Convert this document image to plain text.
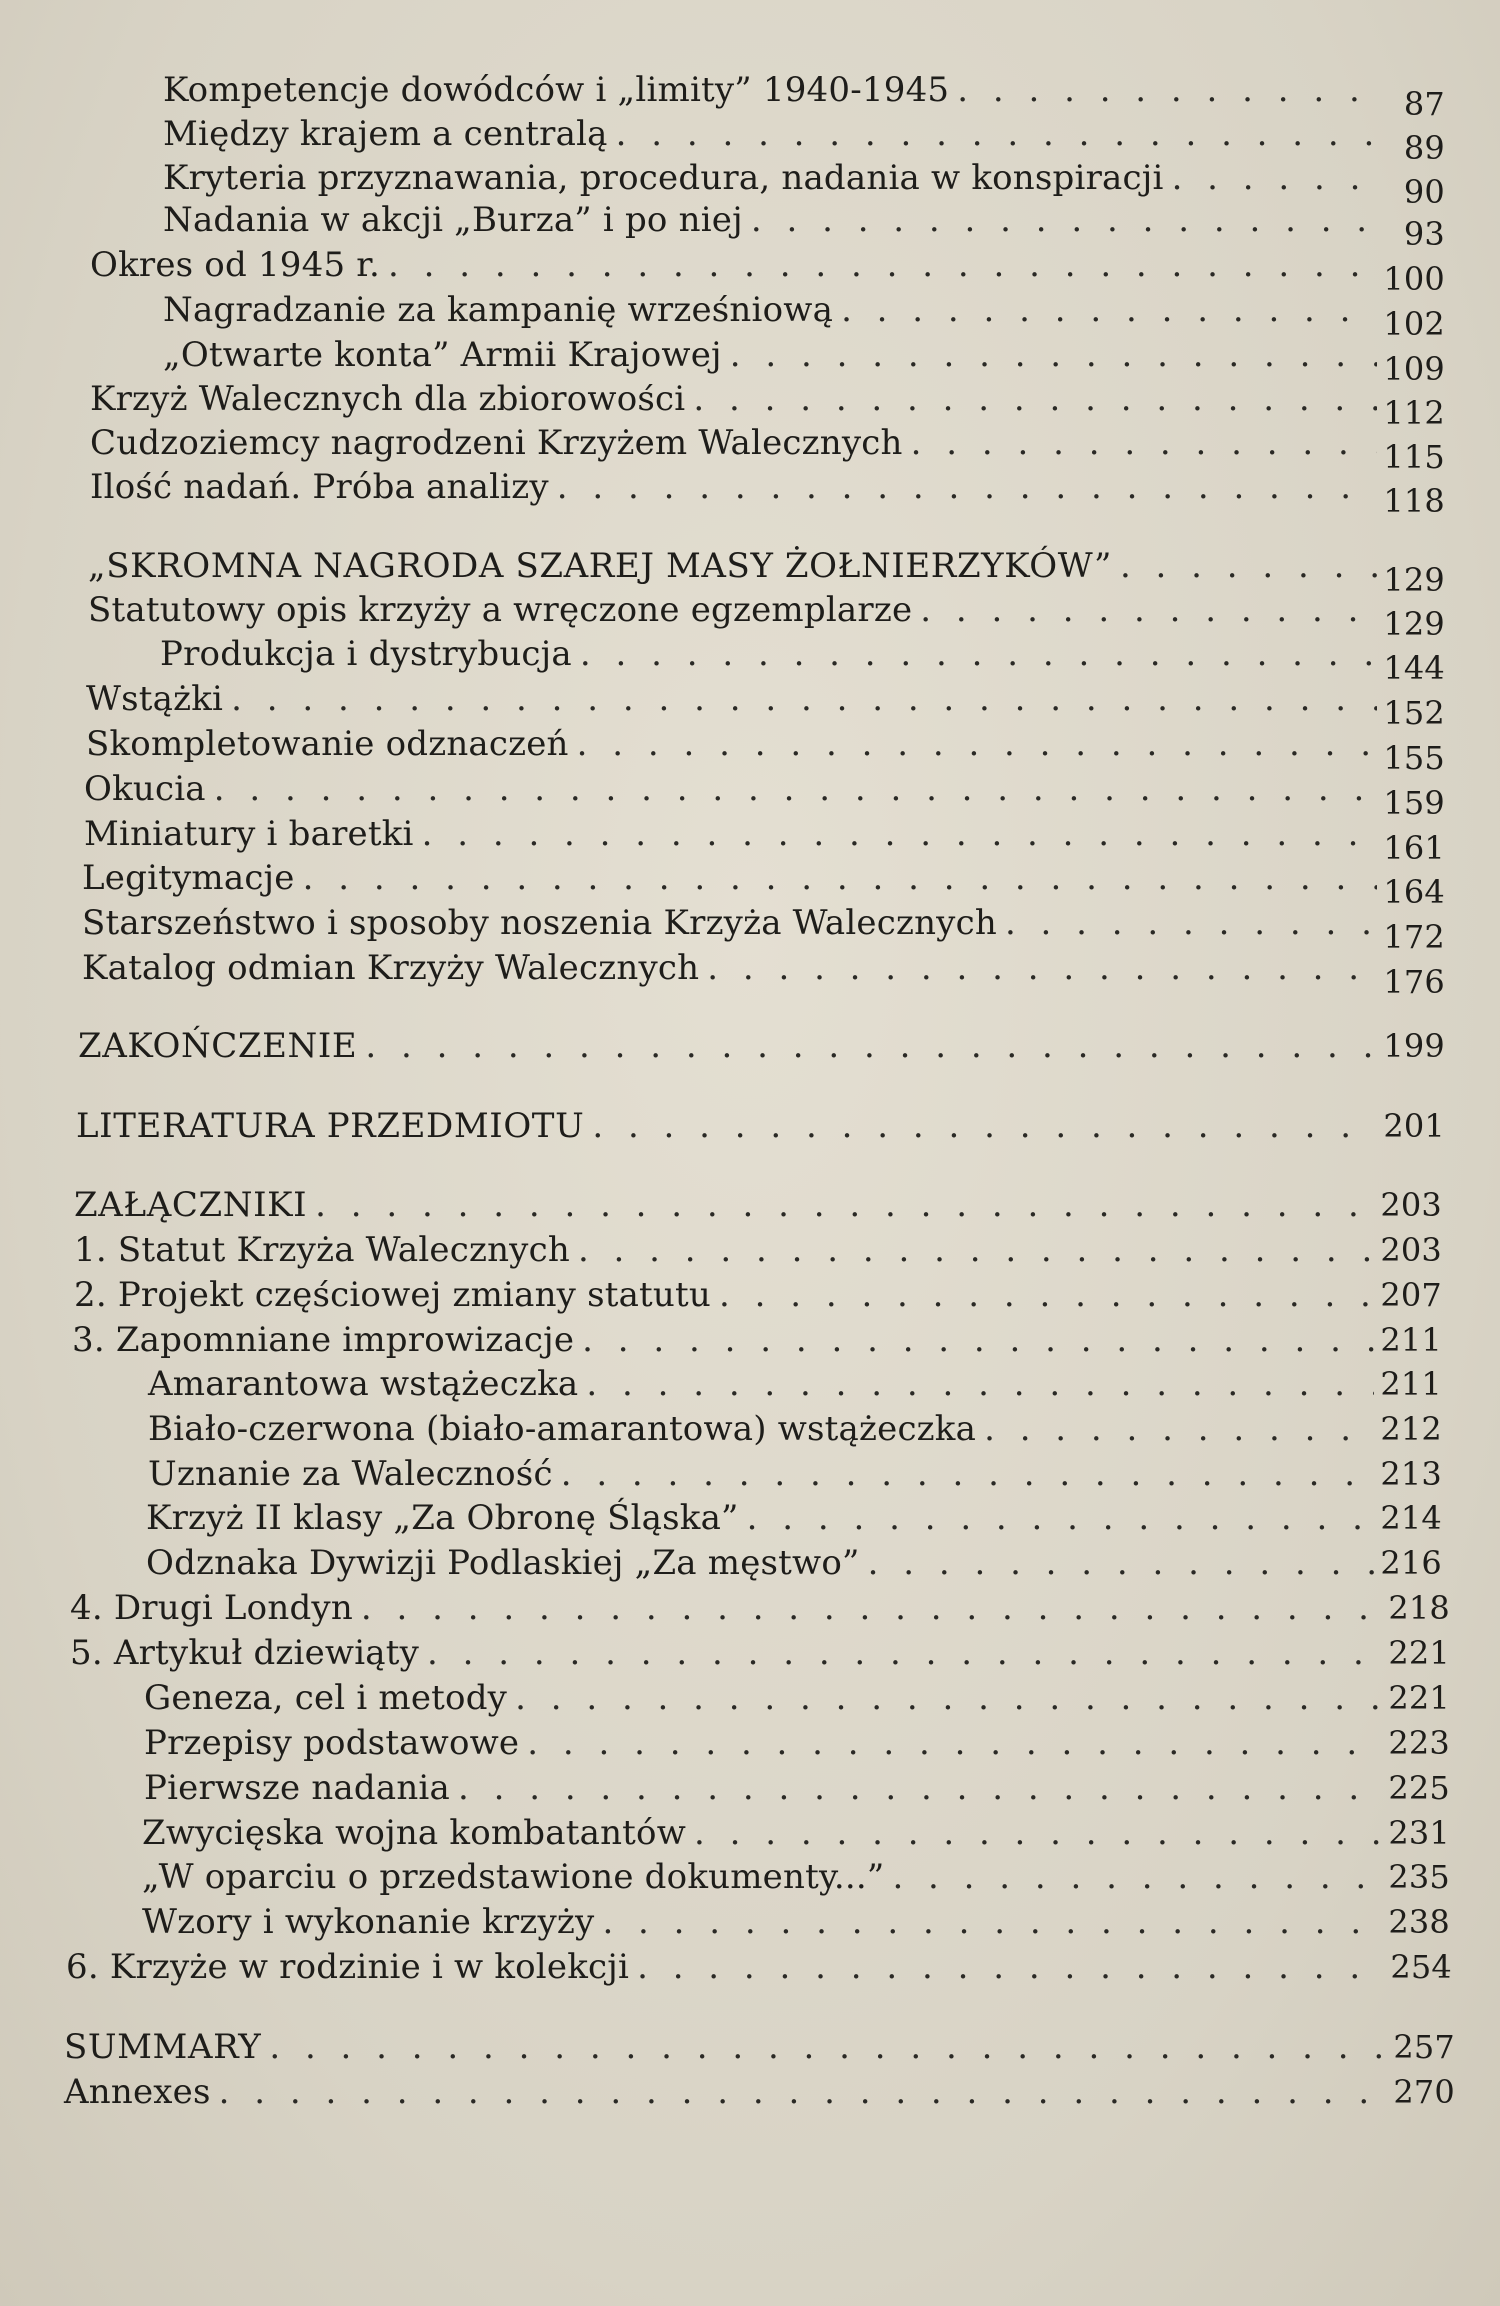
Kompetencje dowódców i „limity” 1940-1945 . . .	87
Między krajem a centralą . . .	89
Kryteria przyznawania, procedura, nadania w konspiracji . . .	90
Nadania w akcji „Burza” i po niej . . .	93
Okres od 1945 r. . . .	100
Nagradzanie za kampanię wrześniową . . .	102
„Otwarte konta” Armii Krajowej . . .	109
Krzyż Walecznych dla zbiorowości . . .	112
Cudzoziemcy nagrodzeni Krzyżem Walecznych . . .	115
Ilość nadań. Próba analizy . . .	118
„SKROMNA NAGRODA SZAREJ MASY ŻOŁNIERZYKÓW” . . .	129
Statutowy opis krzyży a wręczone egzemplarze . . .	129
Produkcja i dystrybucja . . .	144
Wstążki . . .	152
Skompletowanie odznaczeń . . .	155
Okucia . . .	159
Miniatury i baretki . . .	161
Legitymacje . . .	164
Starszeństwo i sposoby noszenia Krzyża Walecznych . . .	172
Katalog odmian Krzyży Walecznych . . .	176
ZAKOŃCZENIE . . .	199
LITERATURA PRZEDMIOTU . . .	201
ZAŁĄCZNIKI . . .	203
1. Statut Krzyża Walecznych . . .	203
2. Projekt częściowej zmiany statutu . . .	207
3. Zapomniane improwizacje . . .	211
Amarantowa wstążeczka . . .	211
Biało-czerwona (biało-amarantowa) wstążeczka . . .	212
Uznanie za Waleczność . . .	213
Krzyż II klasy „Za Obronę Śląska” . . .	214
Odznaka Dywizji Podlaskiej „Za męstwo” . . .	216
4. Drugi Londyn . . .	218
5. Artykuł dziewiąty . . .	221
Geneza, cel i metody . . .	221
Przepisy podstawowe . . .	223
Pierwsze nadania . . .	225
Zwycięska wojna kombatantów . . .	231
„W oparciu o przedstawione dokumenty...” . . .	235
Wzory i wykonanie krzyży . . .	238
6. Krzyże w rodzinie i w kolekcji . . .	254
SUMMARY . . .	257
Annexes . . .	270
